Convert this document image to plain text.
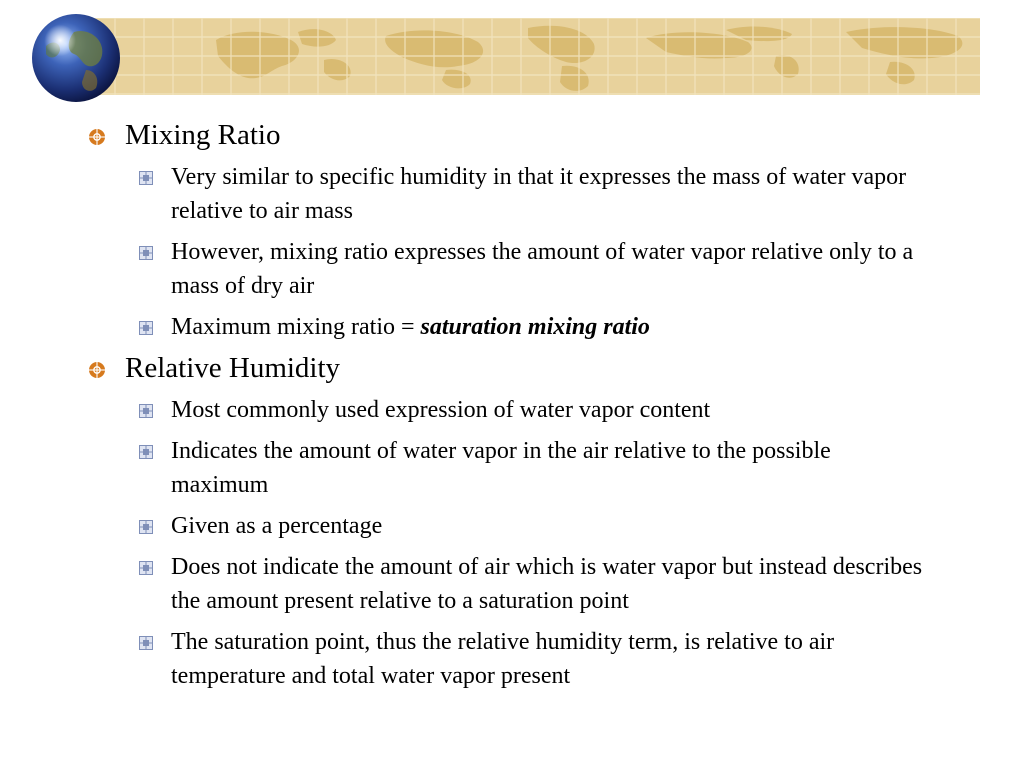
Mixing Ratio
Very similar to specific humidity in that it expresses the mass of water vapor relative to air mass
However, mixing ratio expresses the amount of water vapor relative only to a mass of dry air
Maximum mixing ratio = saturation mixing ratio
Relative Humidity
Most commonly used expression of water vapor content
Indicates the amount of water vapor in the air relative to the possible maximum
Given as a percentage
Does not indicate the amount of air which is water vapor but instead describes the amount present relative to a saturation point
The saturation point, thus the relative humidity term, is relative to air temperature and total water vapor present
